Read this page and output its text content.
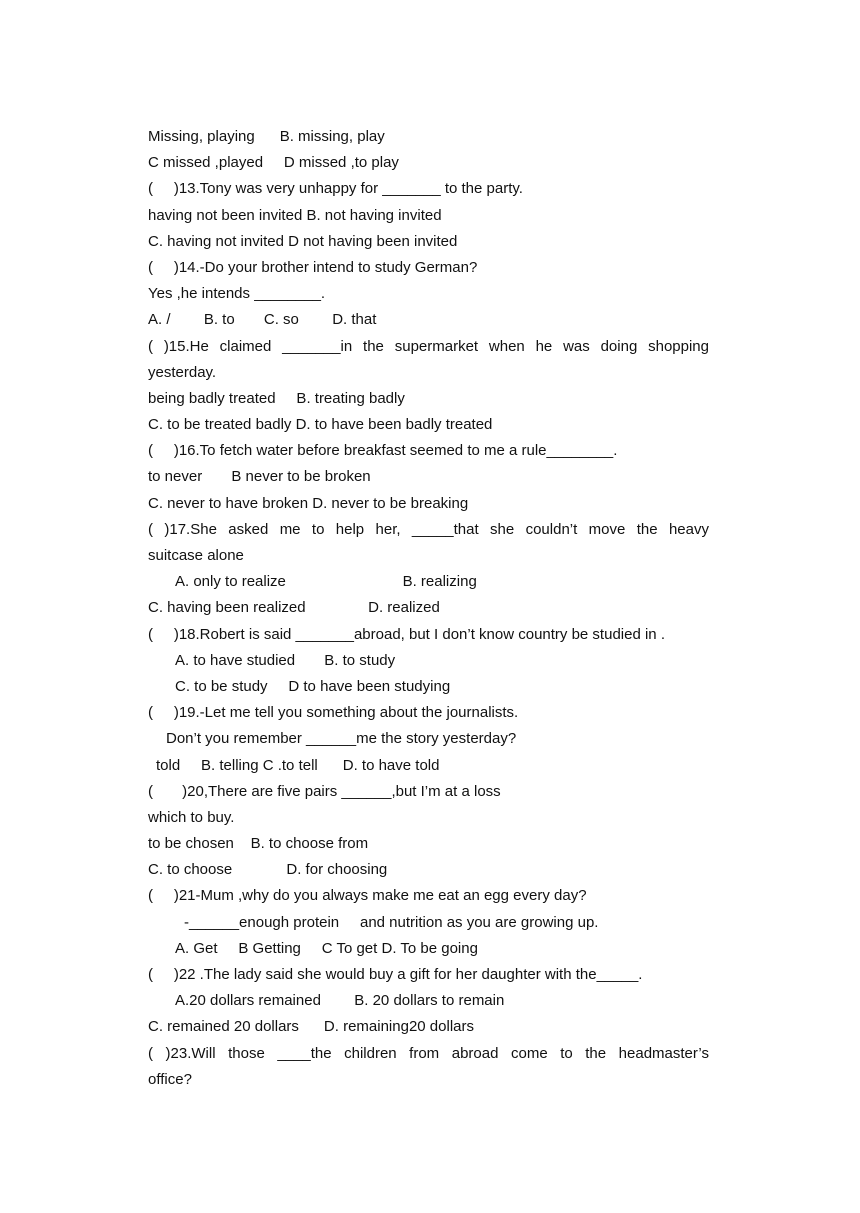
Missing, playing      B. missing, play
C missed ,played     D missed ,to play
(     )13.Tony was very unhappy for _______ to the party.
having not been invited B. not having invited
C. having not invited D not having been invited
(     )14.-Do your brother intend to study German?
Yes ,he intends ________.
A. /        B. to       C. so        D. that
( )15.He claimed _______in the supermarket when he was doing shopping
yesterday.
being badly treated     B. treating badly
C. to be treated badly D. to have been badly treated
(     )16.To fetch water before breakfast seemed to me a rule________.
to never       B never to be broken
C. never to have broken D. never to be breaking
( )17.She asked me to help her, _____that she couldn’t move the heavy
suitcase alone
A. only to realize                            B. realizing
C. having been realized               D. realized
(     )18.Robert is said _______abroad, but I don’t know country be studied in .
A. to have studied       B. to study
C. to be study     D to have been studying
(     )19.-Let me tell you something about the journalists.
Don’t you remember ______me the story yesterday?
told     B. telling C .to tell      D. to have told
(       )20,There are five pairs ______,but I’m at a loss
which to buy.
to be chosen    B. to choose from
C. to choose             D. for choosing
(     )21-Mum ,why do you always make me eat an egg every day?
-______enough protein     and nutrition as you are growing up.
A. Get     B Getting     C To get D. To be going
(     )22 .The lady said she would buy a gift for her daughter with the_____.
A.20 dollars remained        B. 20 dollars to remain
C. remained 20 dollars      D. remaining20 dollars
( )23.Will those ____the children from abroad come to the headmaster’s
office?
